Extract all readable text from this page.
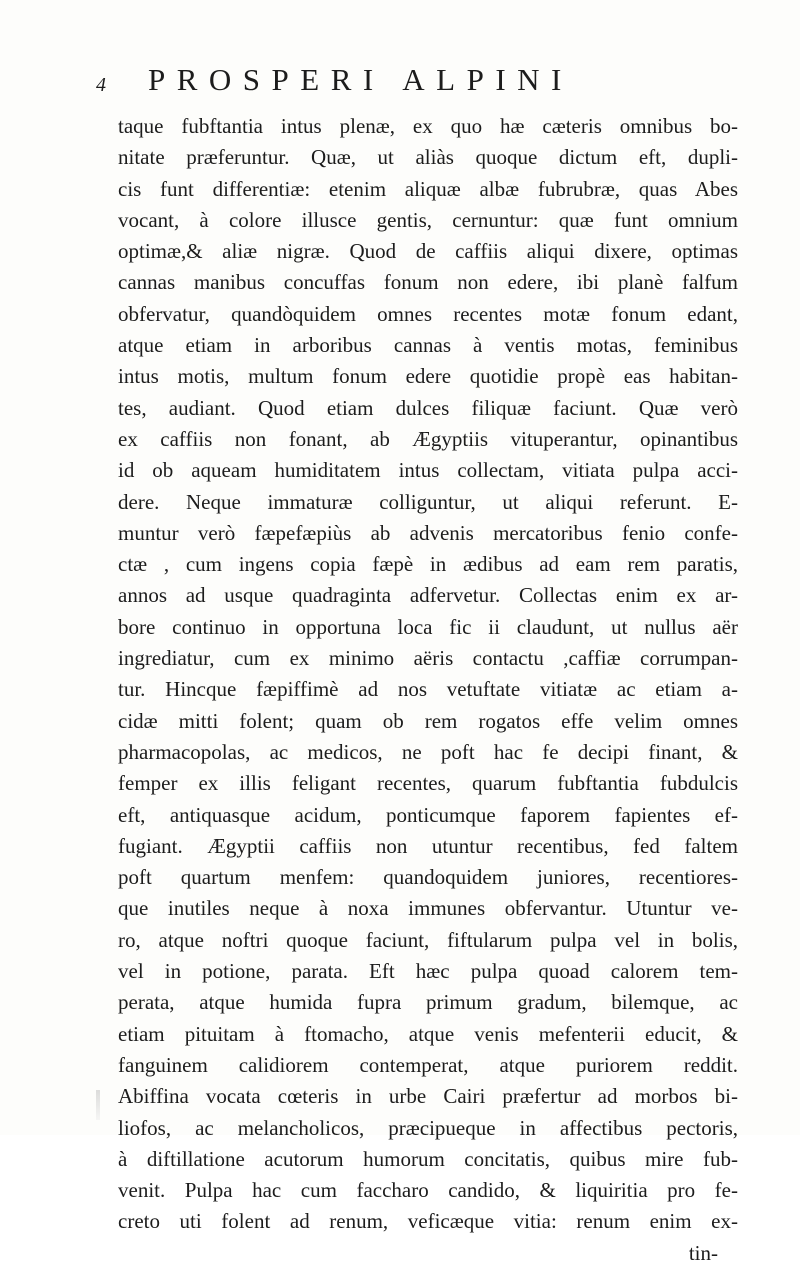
4 PROSPERI ALPINI
taque fubftantia intus plenæ, ex quo hæ cæteris omnibus bo-
nitate præferuntur. Quæ, ut aliàs quoque dictum eft, dupli-
cis funt differentiæ: etenim aliquæ albæ fubrubræ, quas Abes
vocant, à colore illusce gentis, cernuntur: quæ funt omnium
optimæ,& aliæ nigræ. Quod de caffiis aliqui dixere, optimas
cannas manibus concuffas fonum non edere, ibi planè falfum
obfervatur, quandòquidem omnes recentes motæ fonum edant,
atque etiam in arboribus cannas à ventis motas, feminibus
intus motis, multum fonum edere quotidie propè eas habitan-
tes, audiant. Quod etiam dulces filiquæ faciunt. Quæ verò
ex caffiis non fonant, ab Ægyptiis vituperantur, opinantibus
id ob aqueam humiditatem intus collectam, vitiata pulpa acci-
dere. Neque immaturæ colliguntur, ut aliqui referunt. E-
muntur verò fæpefæpiùs ab advenis mercatoribus fenio confe-
ctæ , cum ingens copia fæpè in ædibus ad eam rem paratis,
annos ad usque quadraginta adfervetur. Collectas enim ex ar-
bore continuo in opportuna loca fic ii claudunt, ut nullus aër
ingrediatur, cum ex minimo aëris contactu ,caffiæ corrumpan-
tur. Hincque fæpiffimè ad nos vetuftate vitiatæ ac etiam a-
cidæ mitti folent; quam ob rem rogatos effe velim omnes
pharmacopolas, ac medicos, ne poft hac fe decipi finant, &
femper ex illis feligant recentes, quarum fubftantia fubdulcis
eft, antiquasque acidum, ponticumque faporem fapientes ef-
fugiant. Ægyptii caffiis non utuntur recentibus, fed faltem
poft quartum menfem: quandoquidem juniores, recentiores-
que inutiles neque à noxa immunes obfervantur. Utuntur ve-
ro, atque noftri quoque faciunt, fiftularum pulpa vel in bolis,
vel in potione, parata. Eft hæc pulpa quoad calorem tem-
perata, atque humida fupra primum gradum, bilemque, ac
etiam pituitam à ftomacho, atque venis mefenterii educit, &
fanguinem calidiorem contemperat, atque puriorem reddit.
Abiffina vocata cœteris in urbe Cairi præfertur ad morbos bi-
liofos, ac melancholicos, præcipueque in affectibus pectoris,
à diftillatione acutorum humorum concitatis, quibus mire fub-
venit. Pulpa hac cum faccharo candido, & liquiritia pro fe-
creto uti folent ad renum, veficæque vitia: renum enim ex-
tin-
